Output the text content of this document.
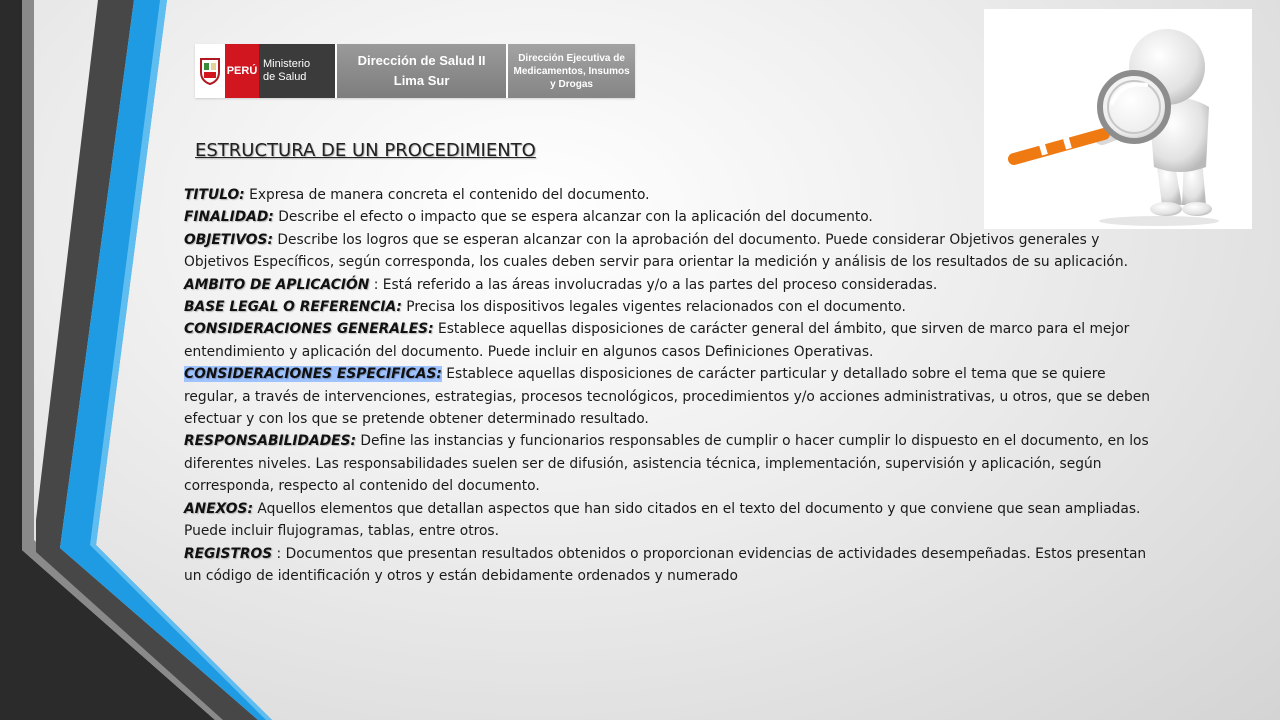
PERÚ
Ministerio
de Salud
Dirección de Salud II
Lima Sur
Dirección Ejecutiva de
Medicamentos, Insumos
y Drogas
ESTRUCTURA DE UN PROCEDIMIENTO

TITULO: Expresa de manera concreta el contenido del documento.

FINALIDAD: Describe el efecto o impacto que se espera alcanzar con la aplicación del documento.

OBJETIVOS: Describe los logros que se esperan alcanzar con la aprobación del documento. Puede considerar Objetivos generales y Objetivos Específicos, según corresponda, los cuales deben servir para orientar la medición y análisis de los resultados de su aplicación.

AMBITO DE APLICACIÓN : Está referido a las áreas involucradas y/o a las partes del proceso consideradas.

BASE LEGAL O REFERENCIA: Precisa los dispositivos legales vigentes relacionados con el documento.

CONSIDERACIONES GENERALES: Establece aquellas disposiciones de carácter general del ámbito, que sirven de marco para el mejor entendimiento y aplicación del documento. Puede incluir en algunos casos Definiciones Operativas.

CONSIDERACIONES ESPECIFICAS: Establece aquellas disposiciones de carácter particular y detallado sobre el tema que se quiere regular, a través de intervenciones, estrategias, procesos tecnológicos, procedimientos y/o acciones administrativas, u otros, que se deben efectuar y con los que se pretende obtener determinado resultado.

RESPONSABILIDADES: Define las instancias y funcionarios responsables de cumplir o hacer cumplir lo dispuesto en el documento, en los diferentes niveles. Las responsabilidades suelen ser de difusión, asistencia técnica, implementación, supervisión y aplicación, según corresponda, respecto al contenido del documento.

ANEXOS: Aquellos elementos que detallan aspectos que han sido citados en el texto del documento y que conviene que sean ampliadas. Puede incluir flujogramas, tablas, entre otros.

REGISTROS : Documentos que presentan resultados obtenidos o proporcionan evidencias de actividades desempeñadas. Estos presentan un código de identificación y otros y están debidamente ordenados y numerado
